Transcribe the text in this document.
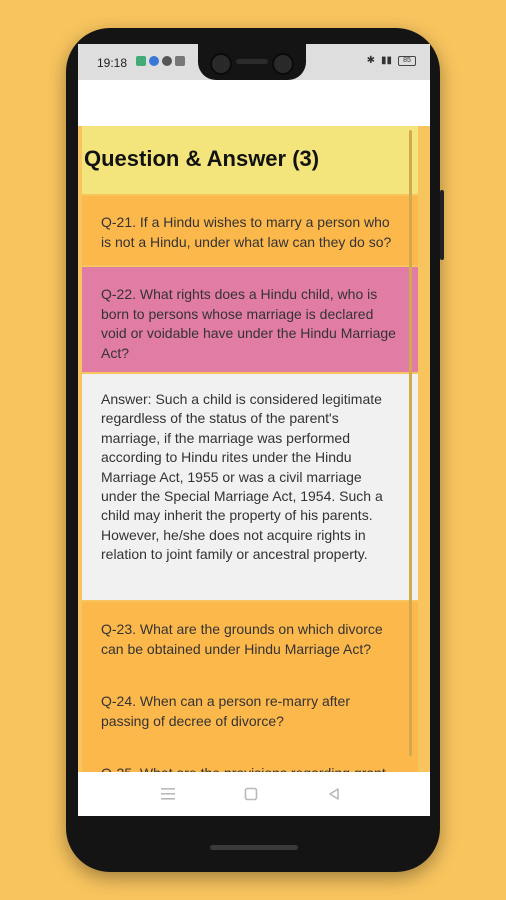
19:18	✱ ▮▮	85
Question & Answer (3)
Q-21. If a Hindu wishes to marry a person who is not a Hindu, under what law can they do so?
Q-22. What rights does a Hindu child, who is born to persons whose marriage is declared void or voidable have under the Hindu Marriage Act?
Answer: Such a child is considered legitimate regardless of the status of the parent's marriage, if the marriage was performed according to Hindu rites under the Hindu Marriage Act, 1955 or was a civil marriage under the Special Marriage Act, 1954. Such a child may inherit the property of his parents. However, he/she does not acquire rights in relation to joint family or ancestral property.
Q-23. What are the grounds on which divorce can be obtained under Hindu Marriage Act?
Q-24. When can a person re-marry after passing of decree of divorce?
